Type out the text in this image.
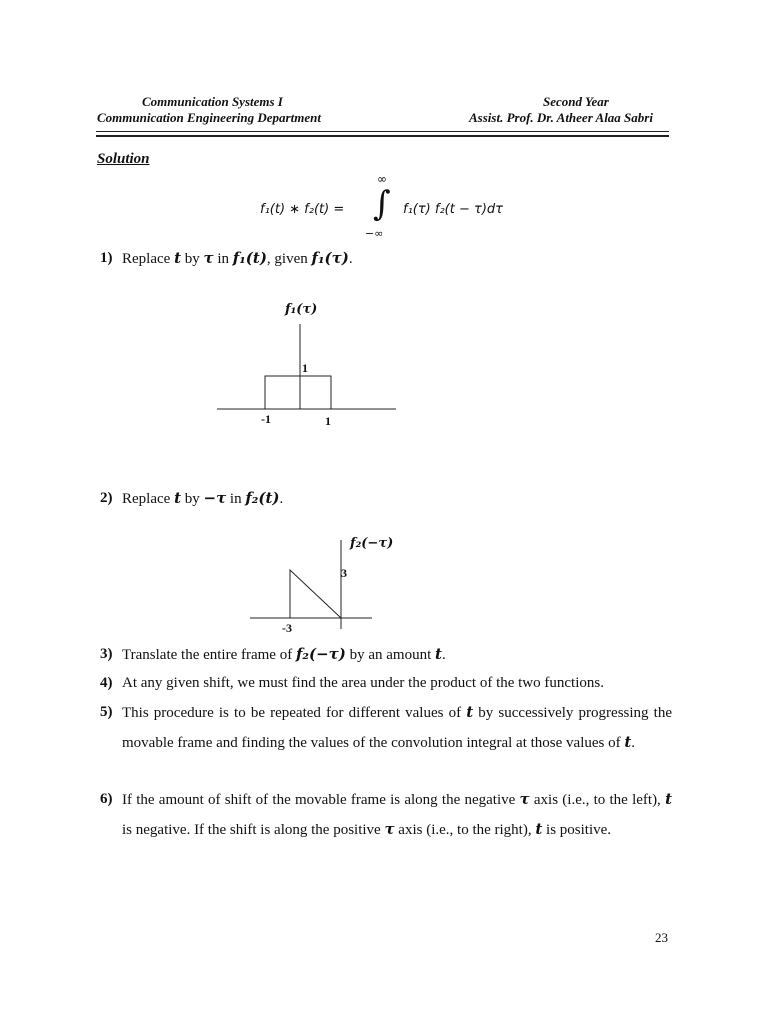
Communication Systems I
Communication Engineering Department
Second Year
Assist. Prof. Dr. Atheer Alaa Sabri
Solution
∞
∫
−∞
f₁(t) ∗ f₂(t) =	f₁(τ) f₂(t − τ)dτ
1) Replace t by τ in f₁(t), given f₁(τ).
f₁(τ)
1
-1	1
2) Replace t by −τ in f₂(t).
f₂(−τ)
3
-3
3) Translate the entire frame of f₂(−τ) by an amount t.
4) At any given shift, we must find the area under the product of the two functions.
5) This procedure is to be repeated for different values of t by successively progressing the movable frame and finding the values of the convolution integral at those values of t.
6) If the amount of shift of the movable frame is along the negative τ axis (i.e., to the left), t is negative. If the shift is along the positive τ axis (i.e., to the right), t is positive.
23
